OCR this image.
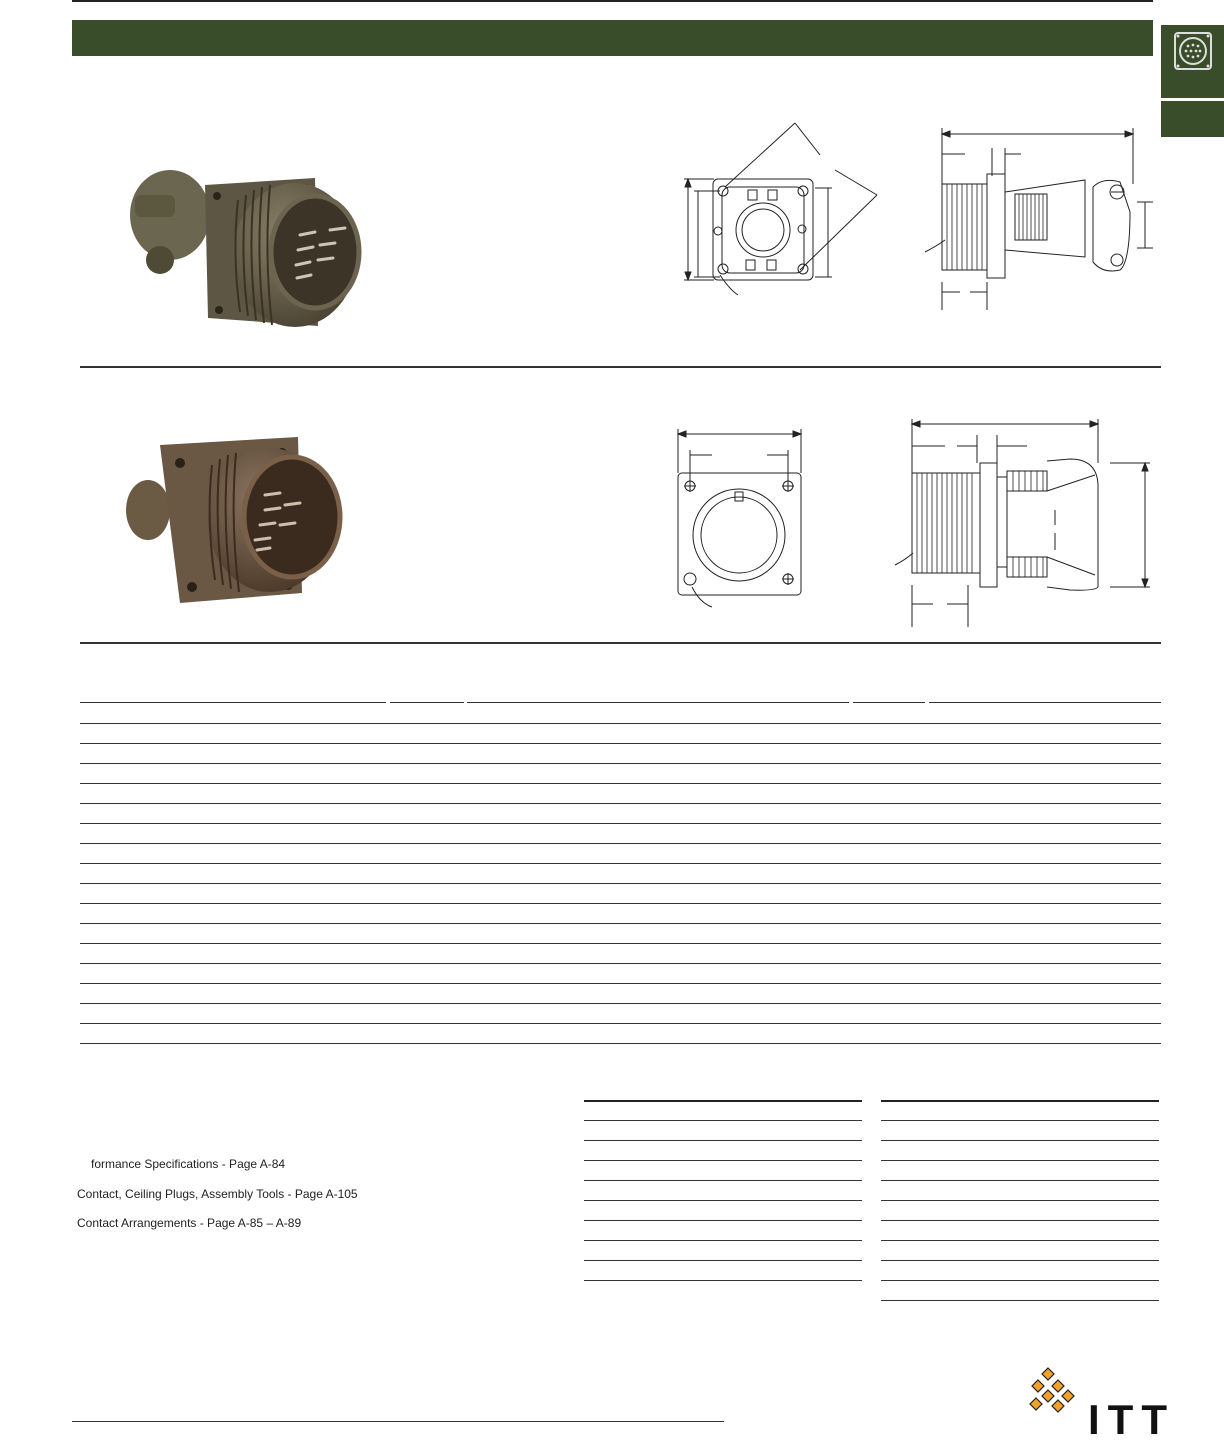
formance Specifications - Page A-84
Contact, Ceiling Plugs, Assembly Tools - Page A-105
Contact Arrangements - Page A-85 – A-89
ITT
